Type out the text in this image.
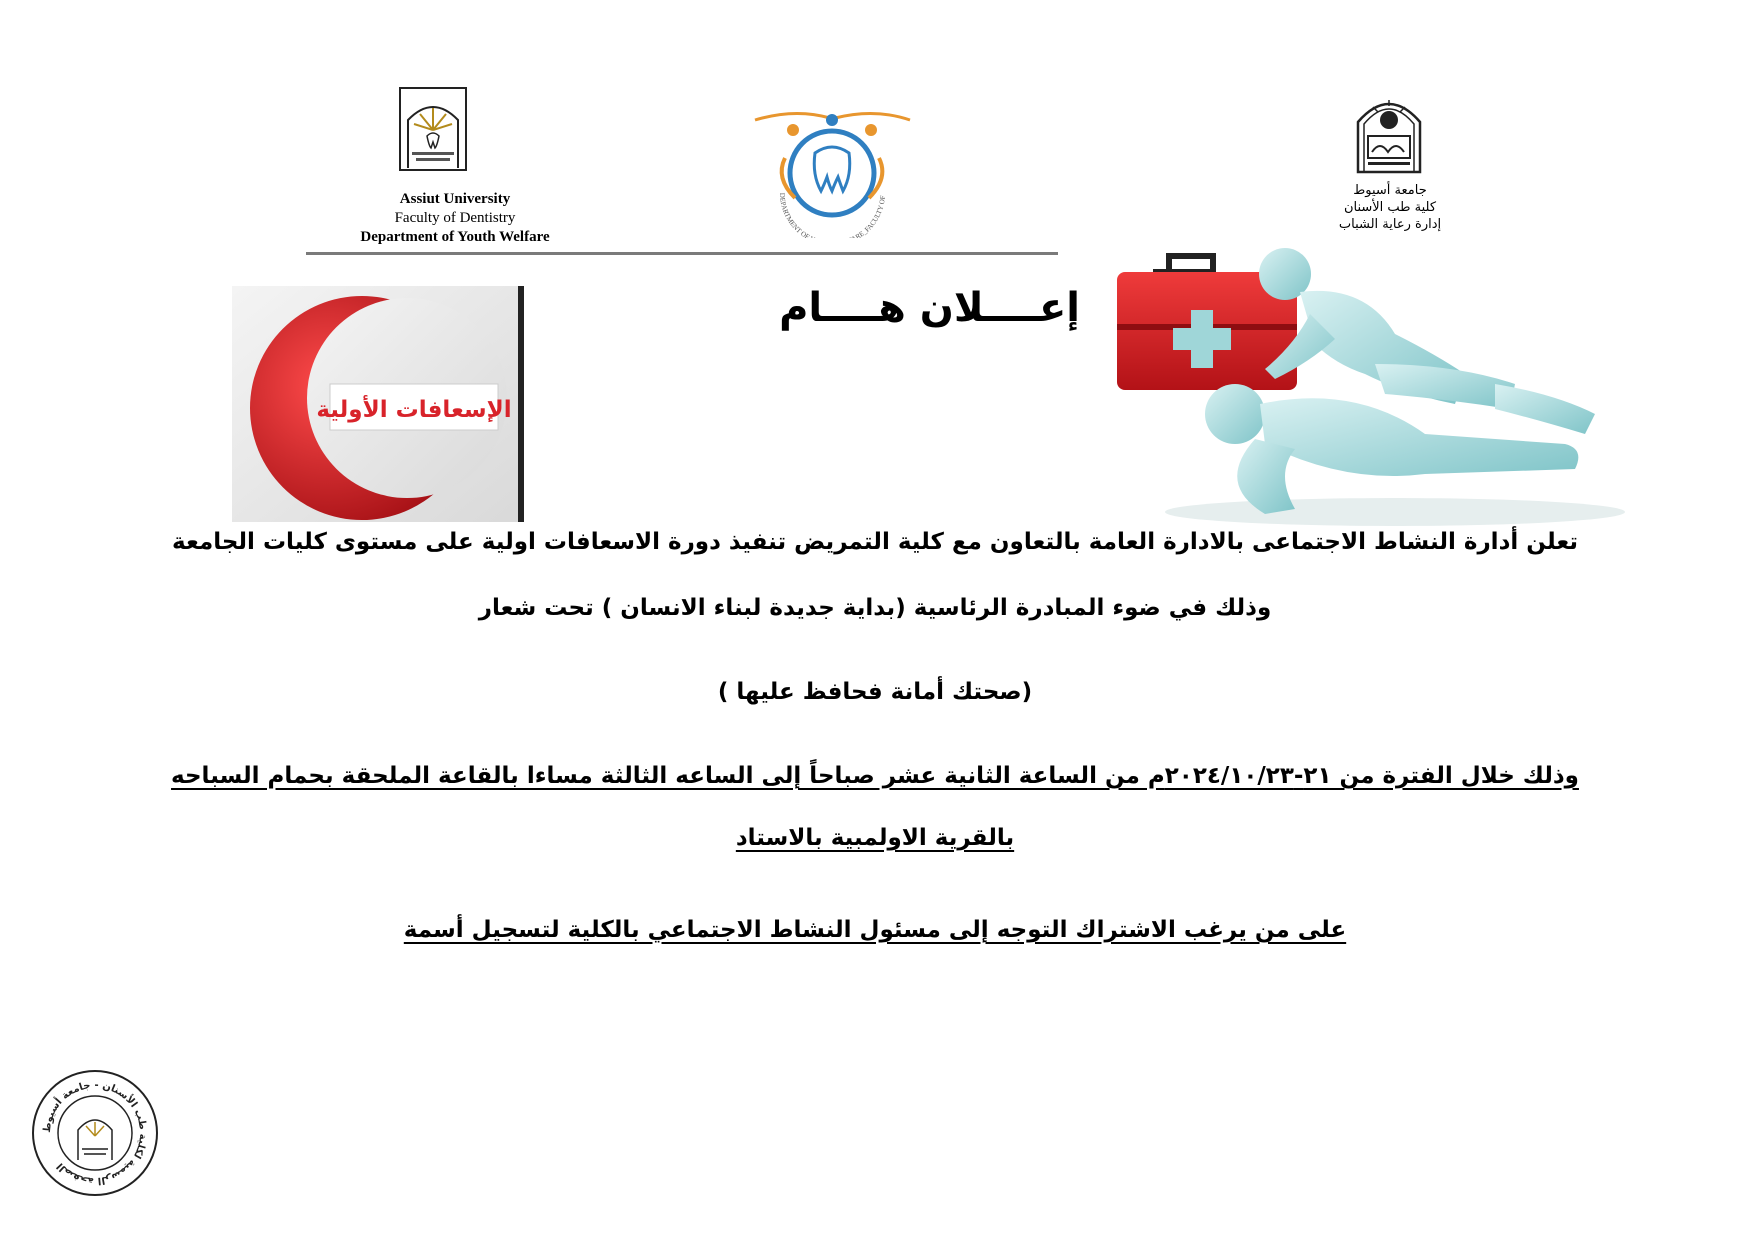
Assiut University
Faculty of Dentistry
Department of Youth Welfare
DEPARTMENT OF RE_FACULTY OF	جامعة أسيوط
كلية طب الأسنان
إدارة رعاية الشباب
الإسعافات الأولية
إعــــلان هــــام
تعلن أدارة النشاط الاجتماعى بالادارة العامة بالتعاون مع كلية التمريض تنفيذ دورة الاسعافات اولية على مستوى كليات الجامعة
وذلك في ضوء المبادرة الرئاسية (بداية جديدة لبناء الانسان ) تحت شعار
(صحتك أمانة فحافظ عليها )
وذلك خلال الفترة من ٢١-٢٠٢٤/١٠/٢٣م من الساعة الثانية عشر صباحاً إلى الساعه الثالثة مساءا بالقاعة الملحقة بحمام السباحه
بالقرية الاولمبية بالاستاد
على من يرغب الاشتراك التوجه إلى مسئول النشاط الاجتماعي بالكلية لتسجيل أسمة
الصفحة الرسمية لكلية طب الأسنان - جامعة أسيوط
